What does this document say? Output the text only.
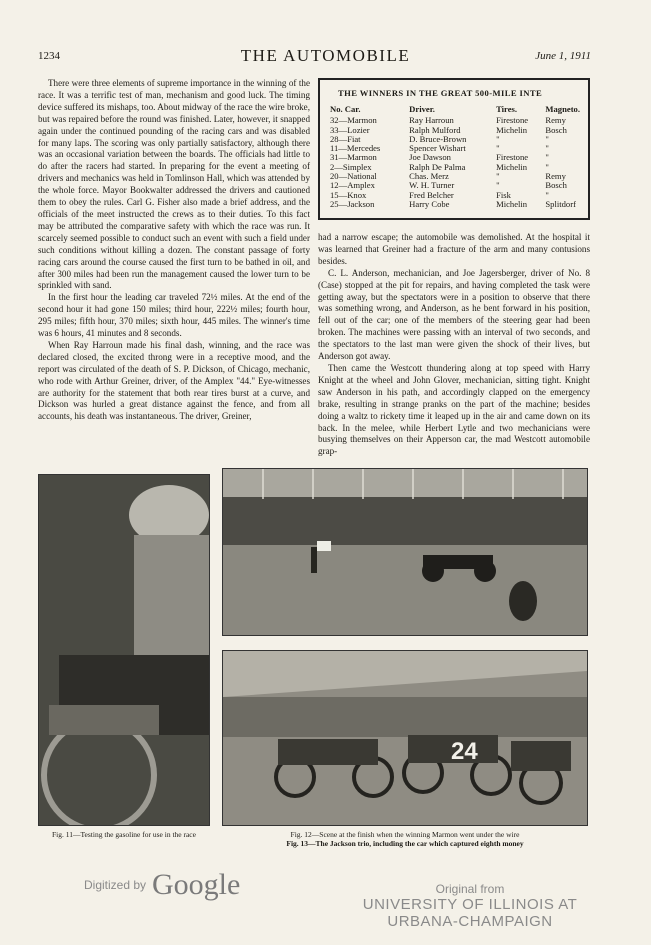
1234	THE AUTOMOBILE	June 1, 1911

There were three elements of supreme importance in the winning of the race. It was a terrific test of man, mechanism and good luck. The timing device suffered its mishaps, too. About midway of the race the wire broke, but was repaired before the round was finished. Later, however, it snapped again under the continued pounding of the racing cars and was disabled for many laps. The scoring was only partially satisfactory, although there was an occasional variation between the boards. The officials had little to do after the racers had started. In preparing for the event a meeting of drivers and mechanics was held in Tomlinson Hall, which was attended by the whole force. Mayor Bookwalter addressed the drivers and cautioned them to obey the rules. Carl G. Fisher also made a brief address, and the officials of the meet instructed the crews as to their duties. To this fact may be attributed the comparative safety with which the race was run. It scarcely seemed possible to conduct such an event with such a field under such conditions without killing a dozen. The constant passage of forty racing cars around the course caused the first turn to be bathed in oil, and after 300 miles had been run the management caused the lower turn to be sprinkled with sand.

In the first hour the leading car traveled 72½ miles. At the end of the second hour it had gone 150 miles; third hour, 222½ miles; fourth hour, 295 miles; fifth hour, 370 miles; sixth hour, 445 miles. The winner's time was 6 hours, 41 minutes and 8 seconds.

When Ray Harroun made his final dash, winning, and the race was declared closed, the excited throng were in a receptive mood, and the report was circulated of the death of S. P. Dickson, of Chicago, mechanic, who rode with Arthur Greiner, driver, of the Amplex "44." Eye-witnesses are authority for the statement that both rear tires burst at a curve, and Dickson was hurled a great distance against the fence, and from all accounts, his death was instantaneous. The driver, Greiner,

THE WINNERS IN THE GREAT 500-MILE INTE
No. Car.	Driver.	Tires.	Magneto.
32—Marmon	Ray Harroun	Firestone	Remy
33—Lozier	Ralph Mulford	Michelin	Bosch
28—Fiat	D. Bruce-Brown	"	"
11—Mercedes	Spencer Wishart	"	"
31—Marmon	Joe Dawson	Firestone	"
2—Simplex	Ralph De Palma	Michelin	"
20—National	Chas. Merz	"	Remy
12—Amplex	W. H. Turner	"	Bosch
15—Knox	Fred Belcher	Fisk	"
25—Jackson	Harry Cobe	Michelin	Splitdorf

had a narrow escape; the automobile was demolished. At the hospital it was learned that Greiner had a fracture of the arm and many contusions besides.

C. L. Anderson, mechanician, and Joe Jagersberger, driver of No. 8 (Case) stopped at the pit for repairs, and having completed the task were getting away, but the spectators were in a position to observe that there was something wrong, and Anderson, as he bent forward in his position, fell out of the car; one of the members of the steering gear had been broken. The machines were passing with an interval of two seconds, and the spectators to the last man were given the shock of their lives, but Anderson got away.

Then came the Westcott thundering along at top speed with Harry Knight at the wheel and John Glover, mechanician, sitting tight. Knight saw Anderson in his path, and accordingly clapped on the emergency brake, resulting in strange pranks on the part of the machine; besides doing a waltz to rickety time it leaped up in the air and came down on its back. In the melee, while Herbert Lytle and two mechanicians were busying themselves on their Apperson car, the mad Westcott automobile grap-

24
Fig. 11—Testing the gasoline for use in the race	Fig. 12—Scene at the finish when the winning Marmon went under the wire
Fig. 13—The Jackson trio, including the car which captured eighth money
Digitized by Google	Original from
UNIVERSITY OF ILLINOIS AT
URBANA-CHAMPAIGN
